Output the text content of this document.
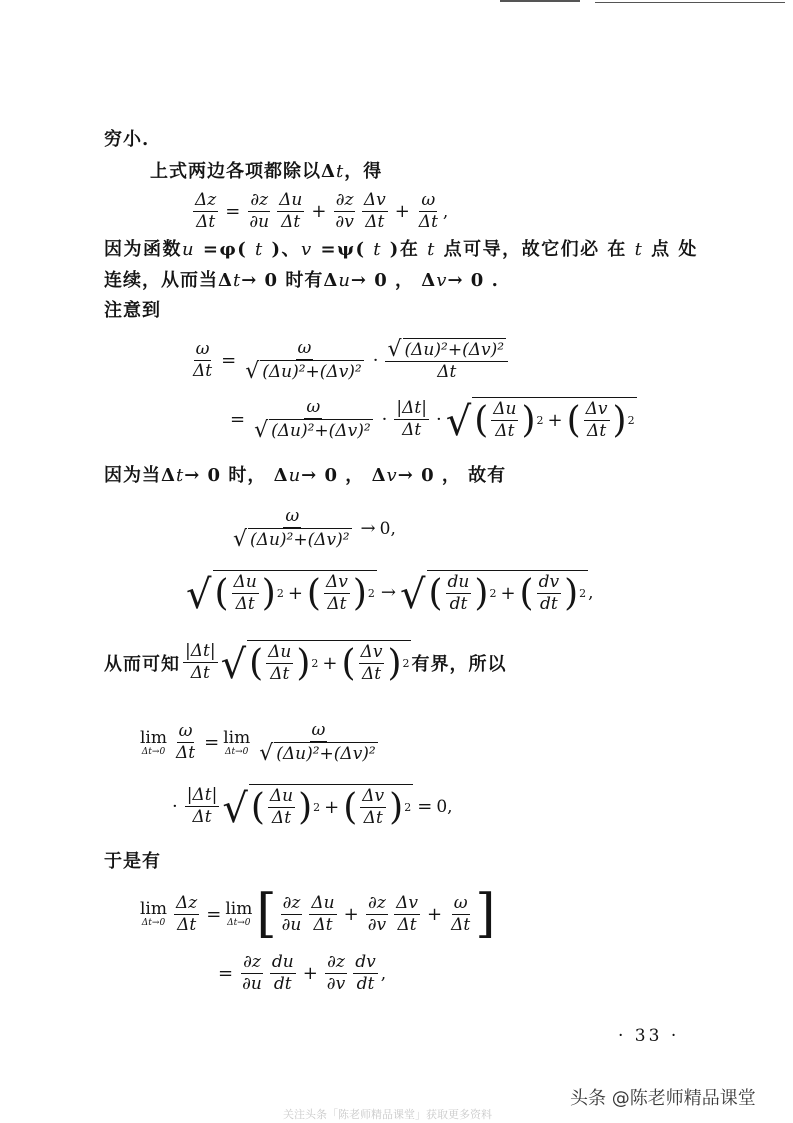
穷小.
上式两边各项都除以Δt，得
$\frac{\Delta z}{\Delta t} = \frac{\partial z}{\partial u} \frac{\Delta u}{\Delta t} + \frac{\partial z}{\partial v} \frac{\Delta v}{\Delta t} + \frac{\omega}{\Delta t}$ ,
因为函数u =φ( t )、v =ψ( t )在 t 点可导，故它们必 在 t 点 处
连续，从而当Δt→ 0 时有Δu→ 0 ， Δv→ 0 .
注意到
$\frac{\omega}{\Delta t} = \frac{\omega}{\text{√ (Δu)²+(Δv)²}} \cdot \frac{\text{√ (Δu)²+(Δv)²}}{\Delta t}$
= $\frac{\omega}{\text{√ (Δu)²+(Δv)²}} \cdot \frac{|\Delta t|}{\Delta t}$ · √ ( $\frac{\Delta u}{\Delta t}$ ) 2 + ( $\frac{\Delta v}{\Delta t}$ ) 2
因为当Δt→ 0 时， Δu→ 0 ， Δv→ 0 ， 故有
$\frac{\omega}{\text{√ (Δu)²+(Δv)²}} \to 0$ ,
√ ( $\frac{\Delta u}{\Delta t}$ ) 2 + ( $\frac{\Delta v}{\Delta t}$ ) 2 → √ ( $\frac{du}{dt}$ ) 2 + ( $\frac{dv}{dt}$ ) 2 ,
从而可知 $\frac{|\Delta t|}{\Delta t}$ √ ( $\frac{\Delta u}{\Delta t}$ ) 2 + ( $\frac{\Delta v}{\Delta t}$ ) 2 有界，所以
lim
$\Delta t\to 0 \frac{\omega}{\Delta t} = \lim$
$\Delta t\to 0 \frac{\omega}{\text{√ (Δu)²+(Δv)²}}$
· $\frac{|\Delta t|}{\Delta t}$ √ ( $\frac{\Delta u}{\Delta t}$ ) 2 + ( $\frac{\Delta v}{\Delta t}$ ) 2 = 0 ,
于是有
lim
$\Delta t\to 0 \frac{\Delta z}{\Delta t} = \lim$
Δt→0 [ $\frac{\partial z}{\partial u} \frac{\Delta u}{\Delta t} + \frac{\partial z}{\partial v} \frac{\Delta v}{\Delta t} + \frac{\omega}{\Delta t}$ ]
= $\frac{\partial z}{\partial u} \frac{du}{dt} + \frac{\partial z}{\partial v} \frac{dv}{dt}$ ,
· 33 ·
头条 @陈老师精品课堂
关注头条「陈老师精品课堂」获取更多资料
